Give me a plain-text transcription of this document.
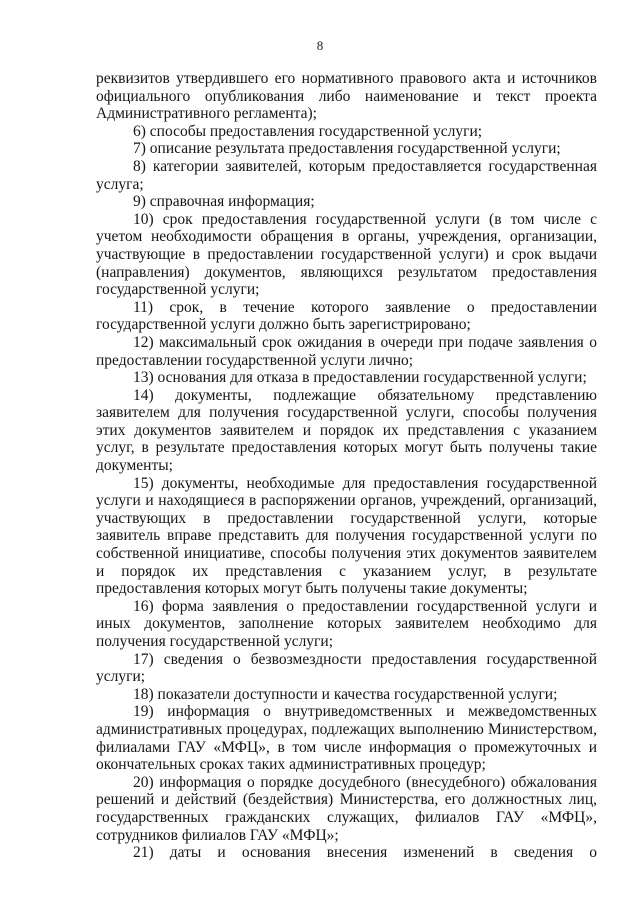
8

реквизитов утвердившего его нормативного правового акта и источников официального опубликования либо наименование и текст проекта Административного регламента);

6) способы предоставления государственной услуги;

7) описание результата предоставления государственной услуги;

8) категории заявителей, которым предоставляется государственная услуга;

9) справочная информация;

10) срок предоставления государственной услуги (в том числе с учетом необходимости обращения в органы, учреждения, организации, участвующие в предоставлении государственной услуги) и срок выдачи (направления) документов, являющихся результатом предоставления государственной услуги;

11) срок, в течение которого заявление о предоставлении государственной услуги должно быть зарегистрировано;

12) максимальный срок ожидания в очереди при подаче заявления о предоставлении государственной услуги лично;

13) основания для отказа в предоставлении государственной услуги;

14) документы, подлежащие обязательному представлению заявителем для получения государственной услуги, способы получения этих документов заявителем и порядок их представления с указанием услуг, в результате предоставления которых могут быть получены такие документы;

15) документы, необходимые для предоставления государственной услуги и находящиеся в распоряжении органов, учреждений, организаций, участвующих в предоставлении государственной услуги, которые заявитель вправе представить для получения государственной услуги по собственной инициативе, способы получения этих документов заявителем и порядок их представления с указанием услуг, в результате предоставления которых могут быть получены такие документы;

16) форма заявления о предоставлении государственной услуги и иных документов, заполнение которых заявителем необходимо для получения государственной услуги;

17) сведения о безвозмездности предоставления государственной услуги;

18) показатели доступности и качества государственной услуги;

19) информация о внутриведомственных и межведомственных административных процедурах, подлежащих выполнению Министерством, филиалами ГАУ «МФЦ», в том числе информация о промежуточных и окончательных сроках таких административных процедур;

20) информация о порядке досудебного (внесудебного) обжалования решений и действий (бездействия) Министерства, его должностных лиц, государственных гражданских служащих, филиалов ГАУ «МФЦ», сотрудников филиалов ГАУ «МФЦ»;

21) даты и основания внесения изменений в сведения о
